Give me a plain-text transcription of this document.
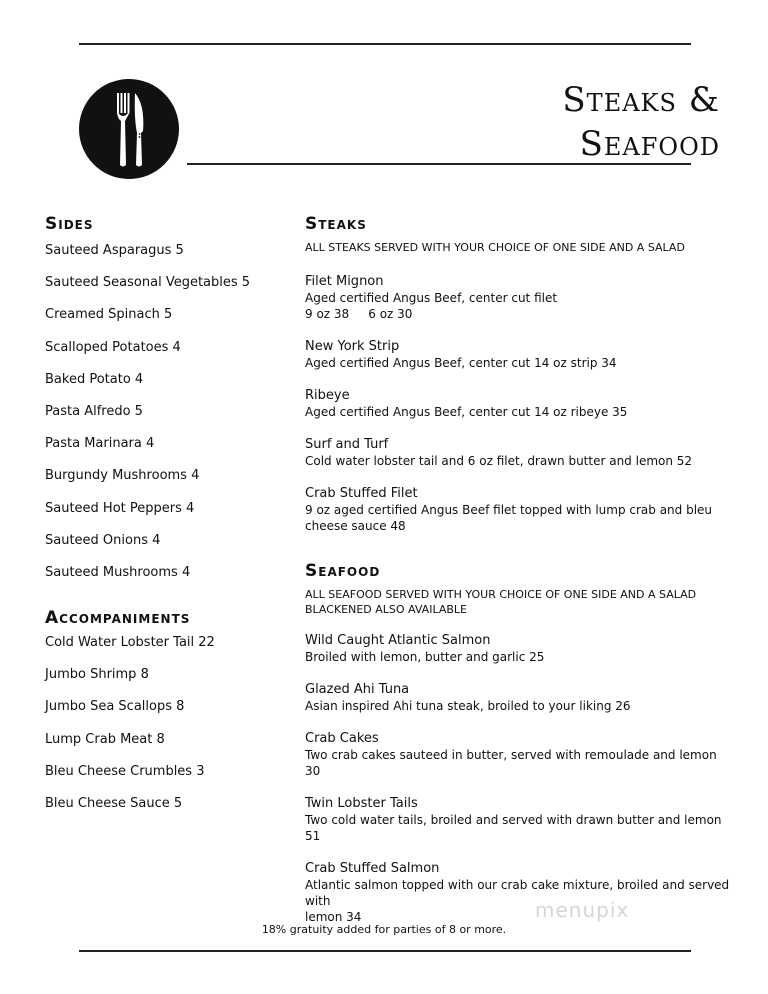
Steaks &
Seafood
Sides
Sauteed Asparagus 5
Sauteed Seasonal Vegetables 5
Creamed Spinach 5
Scalloped Potatoes 4
Baked Potato 4
Pasta Alfredo 5
Pasta Marinara 4
Burgundy Mushrooms 4
Sauteed Hot Peppers 4
Sauteed Onions 4
Sauteed Mushrooms 4
Accompaniments
Cold Water Lobster Tail 22
Jumbo Shrimp 8
Jumbo Sea Scallops 8
Lump Crab Meat 8
Bleu Cheese Crumbles 3
Bleu Cheese Sauce 5
Steaks
ALL STEAKS SERVED WITH YOUR CHOICE OF ONE SIDE AND A SALAD
Filet Mignon
Aged certified Angus Beef, center cut filet
9 oz 38     6 oz 30
New York Strip
Aged certified Angus Beef, center cut 14 oz strip 34
Ribeye
Aged certified Angus Beef, center cut 14 oz ribeye 35
Surf and Turf
Cold water lobster tail and 6 oz filet, drawn butter and lemon 52
Crab Stuffed Filet
9 oz aged certified Angus Beef filet topped with lump crab and bleu
cheese sauce 48
Seafood
ALL SEAFOOD SERVED WITH YOUR CHOICE OF ONE SIDE AND A SALAD
BLACKENED ALSO AVAILABLE
Wild Caught Atlantic Salmon
Broiled with lemon, butter and garlic 25
Glazed Ahi Tuna
Asian inspired Ahi tuna steak, broiled to your liking 26
Crab Cakes
Two crab cakes sauteed in butter, served with remoulade and lemon 30
Twin Lobster Tails
Two cold water tails, broiled and served with drawn butter and lemon 51
Crab Stuffed Salmon
Atlantic salmon topped with our crab cake mixture, broiled and served with
lemon 34	menupix
18% gratuity added for parties of 8 or more.
